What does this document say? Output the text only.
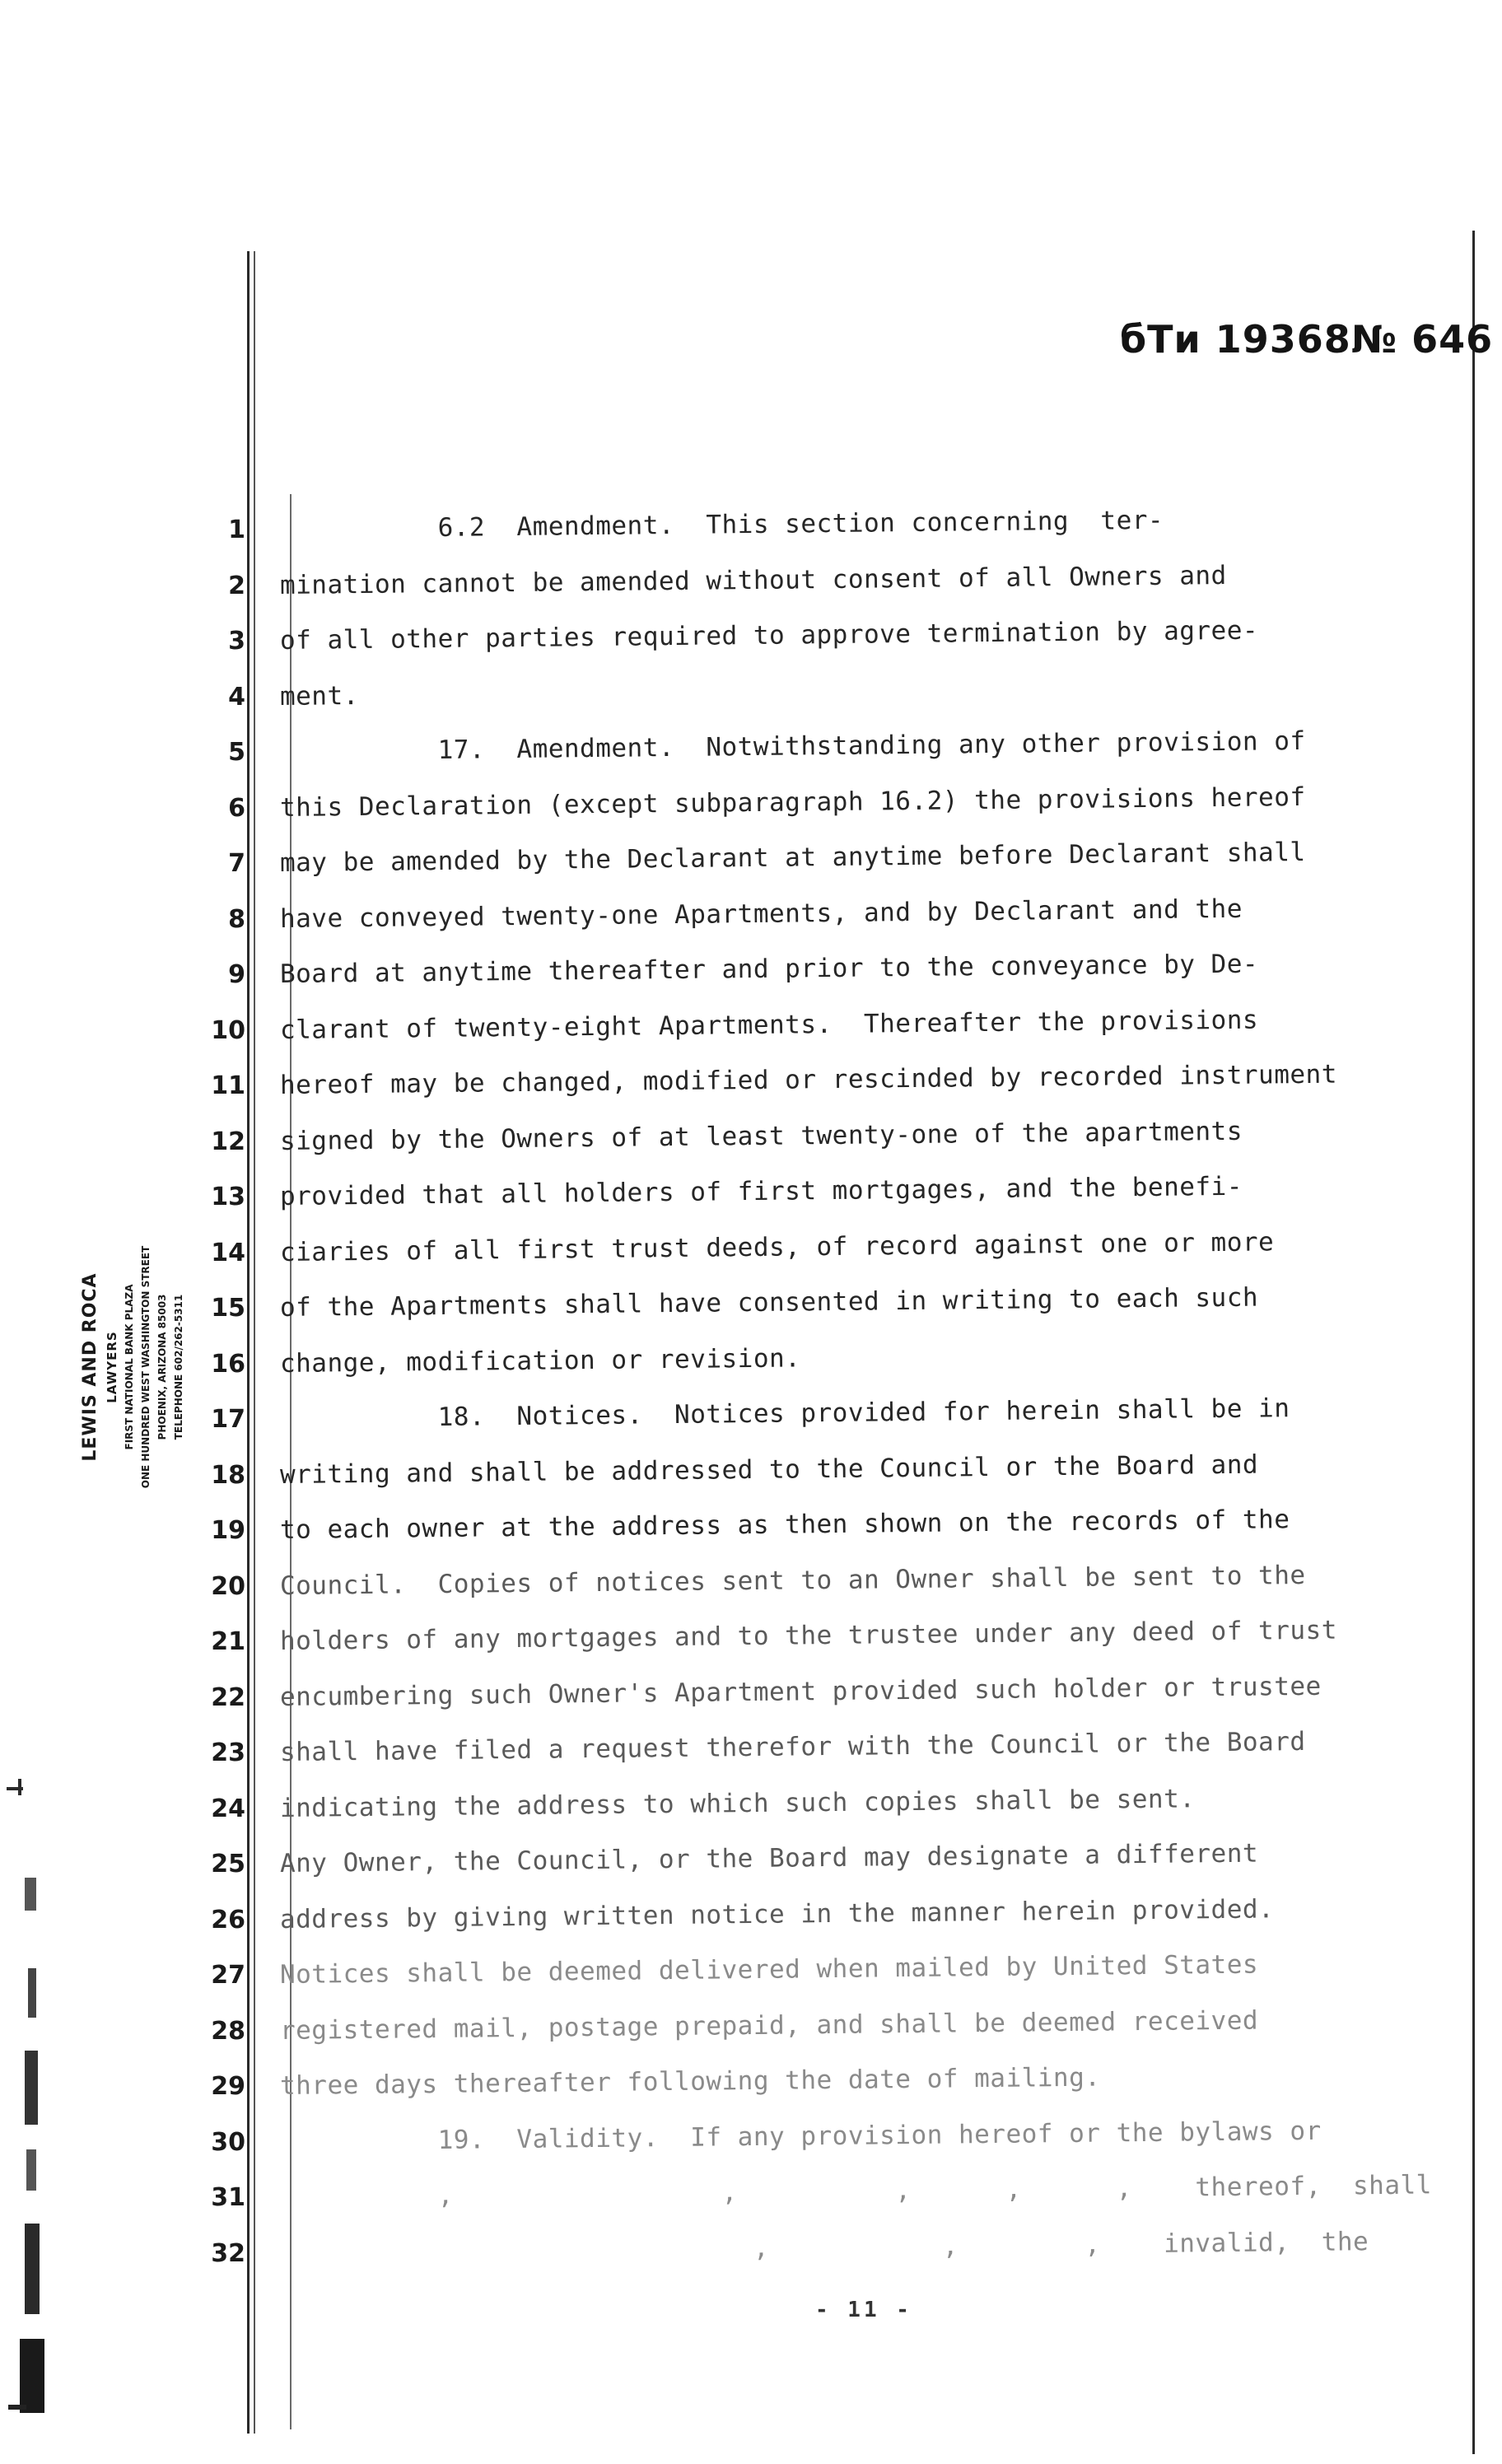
бТи 19368№ 646
1
2
3
4
5
6
7
8
9
10
11
12
13
14
15
16
17
18
19
20
21
22
23
24
25
26
27
28
29
30
31
32
6.2  Amendment.  This section concerning  ter-
mination cannot be amended without consent of all Owners and
of all other parties required to approve termination by agree-
ment.
17.  Amendment.  Notwithstanding any other provision of
this Declaration (except subparagraph 16.2) the provisions hereof
may be amended by the Declarant at anytime before Declarant shall
have conveyed twenty-one Apartments, and by Declarant and the
Board at anytime thereafter and prior to the conveyance by De-
clarant of twenty-eight Apartments.  Thereafter the provisions
hereof may be changed, modified or rescinded by recorded instrument
signed by the Owners of at least twenty-one of the apartments
provided that all holders of first mortgages, and the benefi-
ciaries of all first trust deeds, of record against one or more
of the Apartments shall have consented in writing to each such
change, modification or revision.
18.  Notices.  Notices provided for herein shall be in
writing and shall be addressed to the Council or the Board and
to each owner at the address as then shown on the records of the
Council.  Copies of notices sent to an Owner shall be sent to the
holders of any mortgages and to the trustee under any deed of trust
encumbering such Owner's Apartment provided such holder or trustee
shall have filed a request therefor with the Council or the Board
indicating the address to which such copies shall be sent.
Any Owner, the Council, or the Board may designate a different
address by giving written notice in the manner herein provided.
Notices shall be deemed delivered when mailed by United States
registered mail, postage prepaid, and shall be deemed received
three days thereafter following the date of mailing.
19.  Validity.  If any provision hereof or the bylaws or
,                 ,          ,      ,      ,    thereof,  shall
,           ,        ,    invalid,  the
LEWIS AND ROCA LAWYERS FIRST NATIONAL BANK PLAZA ONE HUNDRED WEST WASHINGTON STREET PHOENIX, ARIZONA 85003 TELEPHONE 602/262-5311
- 11 -
